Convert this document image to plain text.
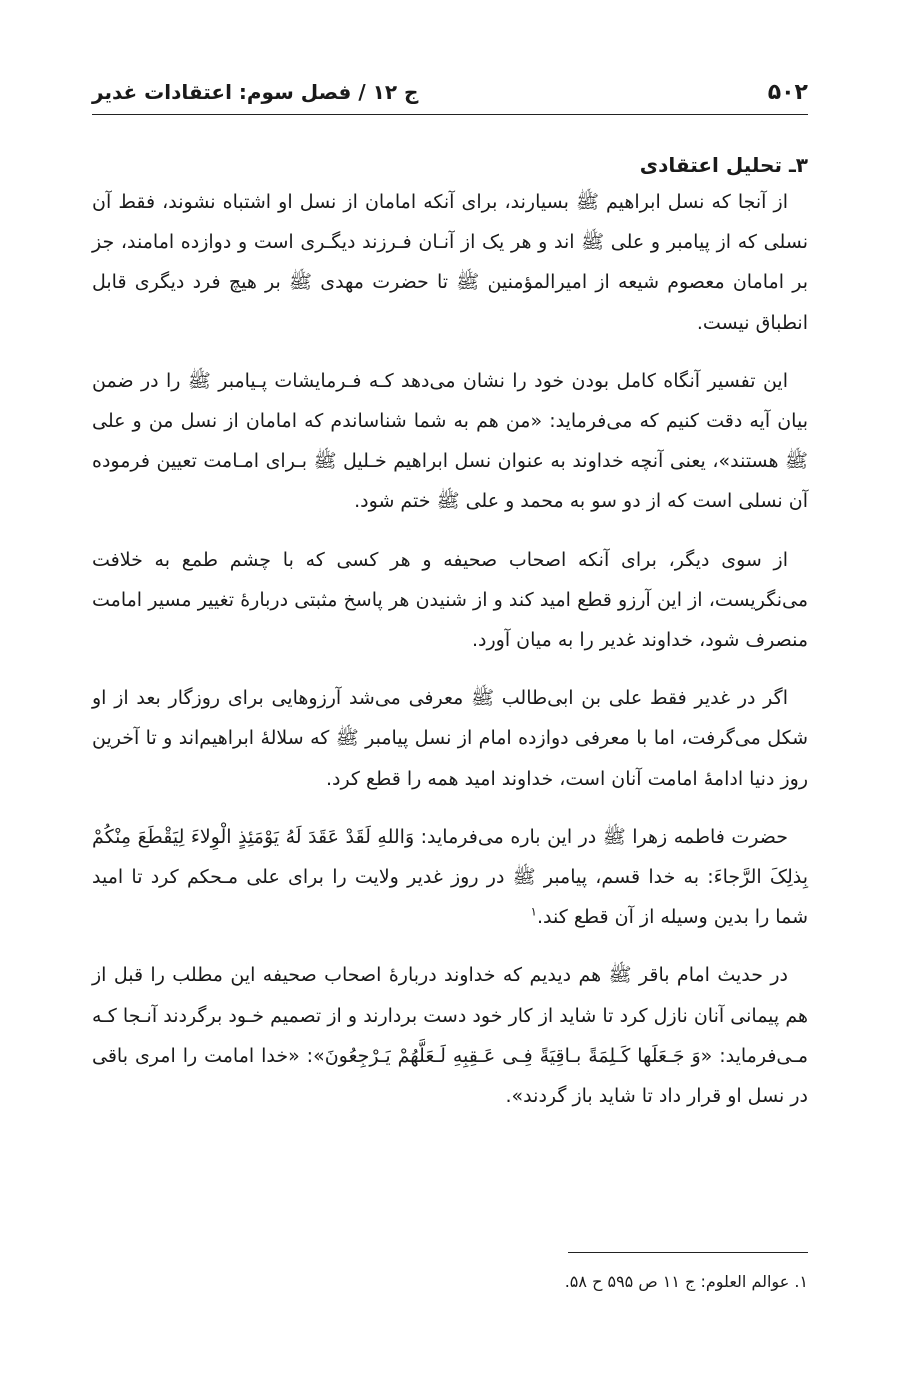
۵۰۲
ج ۱۲ / فصل سوم: اعتقادات غدیر
۳ـ تحلیل اعتقادی

از آنجا که نسل ابراهیم ﷺ بسیارند، برای آنکه امامان از نسل او اشتباه نشوند، فقط آن نسلی که از پیامبر و علی ﷺ اند و هر یک از آنـان فـرزند دیگـری است و دوازده امامند، جز بر امامان معصوم شیعه از امیرالمؤمنین ﷺ تا حضرت مهدی ﷺ بر هیچ فرد دیگری قابل انطباق نیست.

این تفسیر آنگاه کامل بودن خود را نشان می‌دهد کـه فـرمایشات پـیامبر ﷺ را در ضمن بیان آیه دقت کنیم که می‌فرماید: «من هم به شما شناساندم که امامان از نسل من و علی ﷺ هستند»، یعنی آنچه خداوند به عنوان نسل ابراهیم خـلیل ﷺ بـرای امـامت تعیین فرموده آن نسلی است که از دو سو به محمد و علی ﷺ ختم شود.

از سوی دیگر، برای آنکه اصحاب صحیفه و هر کسی که با چشم طمع به خلافت می‌نگریست، از این آرزو قطع امید کند و از شنیدن هر پاسخ مثبتی دربارهٔ تغییر مسیر امامت منصرف شود، خداوند غدیر را به میان آورد.

اگر در غدیر فقط علی بن ابی‌طالب ﷺ معرفی می‌شد آرزوهایی برای روزگار بعد از او شکل می‌گرفت، اما با معرفی دوازده امام از نسل پیامبر ﷺ که سلالهٔ ابراهیم‌اند و تا آخرین روز دنیا ادامهٔ امامت آنان است، خداوند امید همه را قطع کرد.

حضرت فاطمه زهرا ﷺ در این باره می‌فرماید: وَاللهِ لَقَدْ عَقَدَ لَهُ یَوْمَئِذٍ الْوِلاءَ لِیَقْطَعَ مِنْکُمْ بِذلِکَ الرَّجاءَ: به خدا قسم، پیامبر ﷺ در روز غدیر ولایت را برای علی مـحکم کرد تا امید شما را بدین وسیله از آن قطع کند.$^۱$

در حدیث امام باقر ﷺ هم دیدیم که خداوند دربارهٔ اصحاب صحیفه این مطلب را قبل از هم پیمانی آنان نازل کرد تا شاید از کار خود دست بردارند و از تصمیم خـود برگردند آنـجا کـه مـی‌فرماید: «وَ جَـعَلَها کَـلِمَةً بـاقِیَةً فِـی عَـقِبِهِ لَـعَلَّهُمْ یَـرْجِعُونَ»: «خدا امامت را امری باقی در نسل او قرار داد تا شاید باز گردند».

۱. عوالم العلوم: ج ۱۱ ص ۵۹۵ ح ۵۸.
